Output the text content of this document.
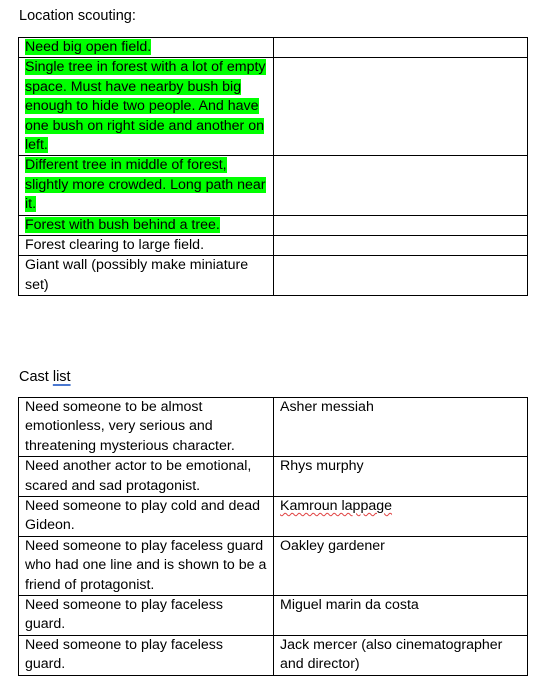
Location scouting:
Need big open field.	
Single tree in forest with a lot of empty space. Must have nearby bush big enough to hide two people. And have one bush on right side and another on left.	
Different tree in middle of forest, slightly more crowded. Long path near it.	
Forest with bush behind a tree.	
Forest clearing to large field.	
Giant wall (possibly make miniature set)	
Cast list
Need someone to be almost emotionless, very serious and threatening mysterious character.	Asher messiah
Need another actor to be emotional, scared and sad protagonist.	Rhys murphy
Need someone to play cold and dead Gideon.	Kamroun lappage
Need someone to play faceless guard who had one line and is shown to be a friend of protagonist.	Oakley gardener
Need someone to play faceless guard.	Miguel marin da costa
Need someone to play faceless guard.	Jack mercer (also cinematographer and director)
